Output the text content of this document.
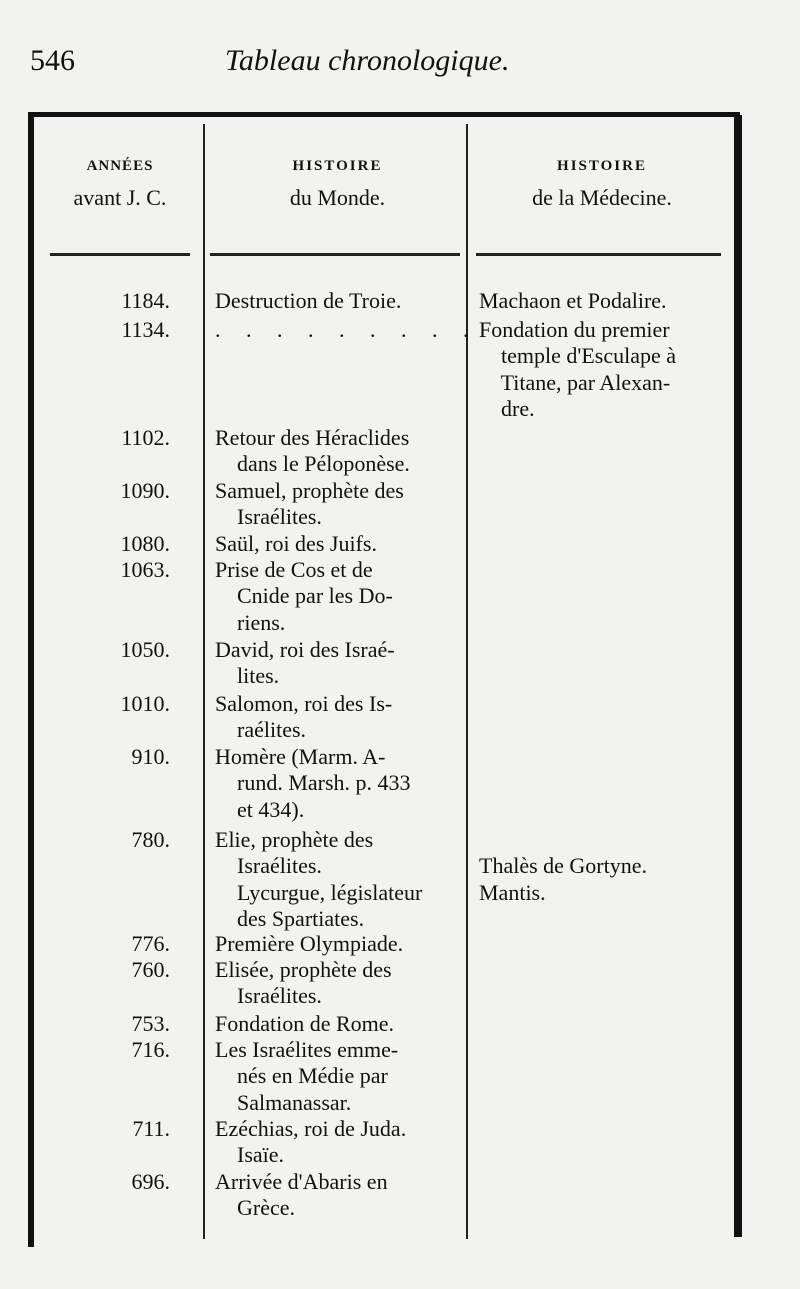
546	Tableau chronologique.
ANNÉES
avant J. C.
HISTOIRE
du Monde.
HISTOIRE
de la Médecine.
1184. Destruction de Troie.	Machaon et Podalire.
1134. . . . . . . . . . Fondation du premier
temple d'Esculape à
Titane, par Alexan-
dre.
1102. Retour des Héraclides
dans le Péloponèse.
1090. Samuel, prophète des
Israélites.
1080. Saül, roi des Juifs.
1063. Prise de Cos et de
Cnide par les Do-
riens.
1050. David, roi des Israé-
lites.
1010. Salomon, roi des Is-
raélites.
910. Homère (Marm. A-
rund. Marsh. p. 433
et 434).
780. Elie, prophète des
Israélites.
Lycurgue, législateur
des Spartiates.
Thalès de Gortyne.
Mantis.
776. Première Olympiade.
760. Elisée, prophète des
Israélites.
753. Fondation de Rome.
716. Les Israélites emme-
nés en Médie par
Salmanassar.
711. Ezéchias, roi de Juda.
Isaïe.
696. Arrivée d'Abaris en
Grèce.
